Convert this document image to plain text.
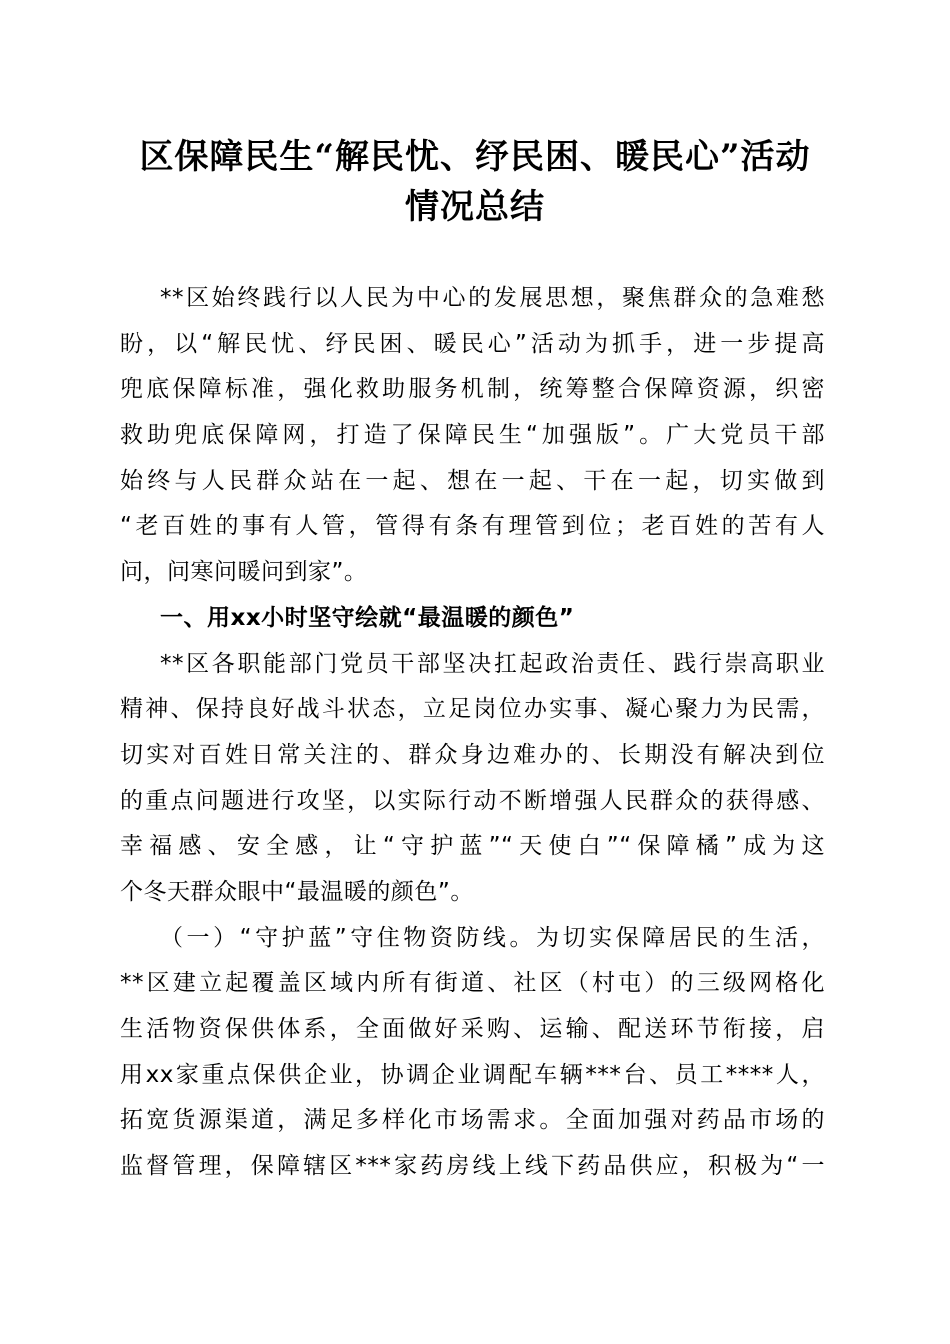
区保障民生“解民忧、纾民困、暖民心”活动
情况总结
**区始终践行以人民为中心的发展思想，聚焦群众的急难愁
盼，以“解民忧、纾民困、暖民心”活动为抓手，进一步提高
兜底保障标准，强化救助服务机制，统筹整合保障资源，织密
救助兜底保障网，打造了保障民生“加强版”。广大党员干部
始终与人民群众站在一起、想在一起、干在一起，切实做到
“老百姓的事有人管，管得有条有理管到位；老百姓的苦有人
问，问寒问暖问到家”。
一、用xx小时坚守绘就“最温暖的颜色”
**区各职能部门党员干部坚决扛起政治责任、践行崇高职业
精神、保持良好战斗状态，立足岗位办实事、凝心聚力为民需，
切实对百姓日常关注的、群众身边难办的、长期没有解决到位
的重点问题进行攻坚，以实际行动不断增强人民群众的获得感、
幸福感、安全感，让“守护蓝”“天使白”“保障橘”成为这
个冬天群众眼中“最温暖的颜色”。
（一）“守护蓝”守住物资防线。为切实保障居民的生活，
**区建立起覆盖区域内所有街道、社区（村屯）的三级网格化
生活物资保供体系，全面做好采购、运输、配送环节衔接，启
用xx家重点保供企业，协调企业调配车辆***台、员工****人，
拓宽货源渠道，满足多样化市场需求。全面加强对药品市场的
监督管理，保障辖区***家药房线上线下药品供应，积极为“一
